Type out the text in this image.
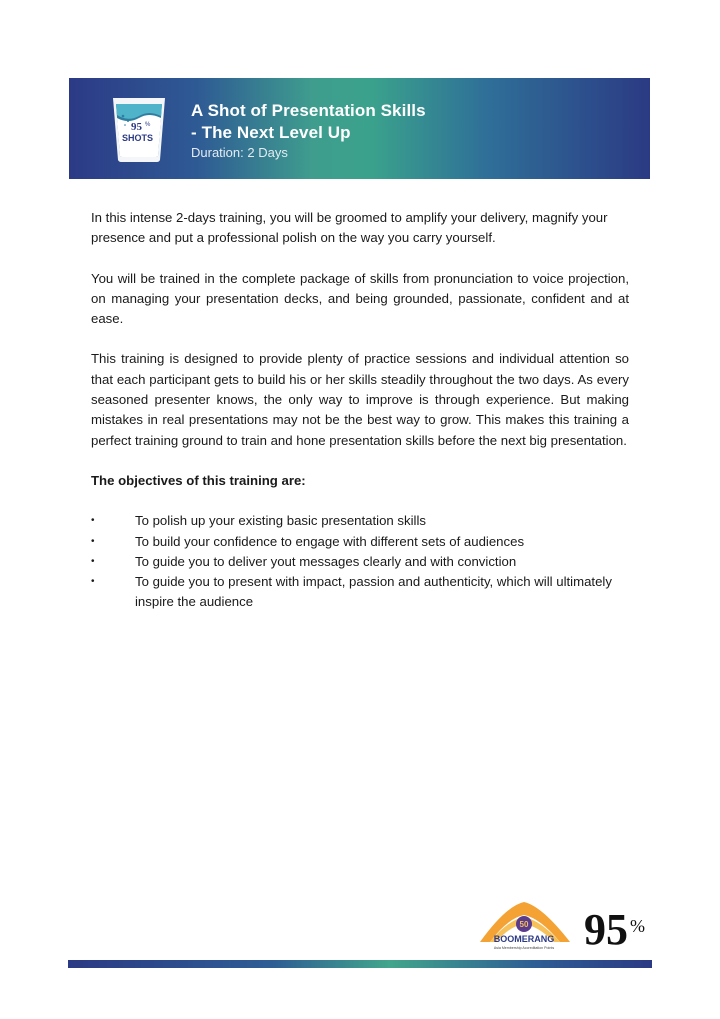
95 %
SHOTS
A Shot of Presentation Skills
- The Next Level Up
Duration: 2 Days

In this intense 2-days training, you will be groomed to amplify your delivery, magnify your presence and put a professional polish on the way you carry yourself.

You will be trained in the complete package of skills from pronunciation to voice projection, on managing your presentation decks, and being grounded, passionate, confident and at ease.

This training is designed to provide plenty of practice sessions and individual attention so that each participant gets to build his or her skills steadily throughout the two days. As every seasoned presenter knows, the only way to improve is through experience. But making mistakes in real presentations may not be the best way to grow. This makes this training a perfect training ground to train and hone presentation skills before the next big presentation.

The objectives of this training are:

•	To polish up your existing basic presentation skills
•	To build your confidence to engage with different sets of audiences
•	To guide you to deliver yout messages clearly and with conviction
•	To guide you to present with impact, passion and authenticity, which will ultimately inspire the audience
50
BOOMERANG
Asia Membership Accreditation Points 95 %
